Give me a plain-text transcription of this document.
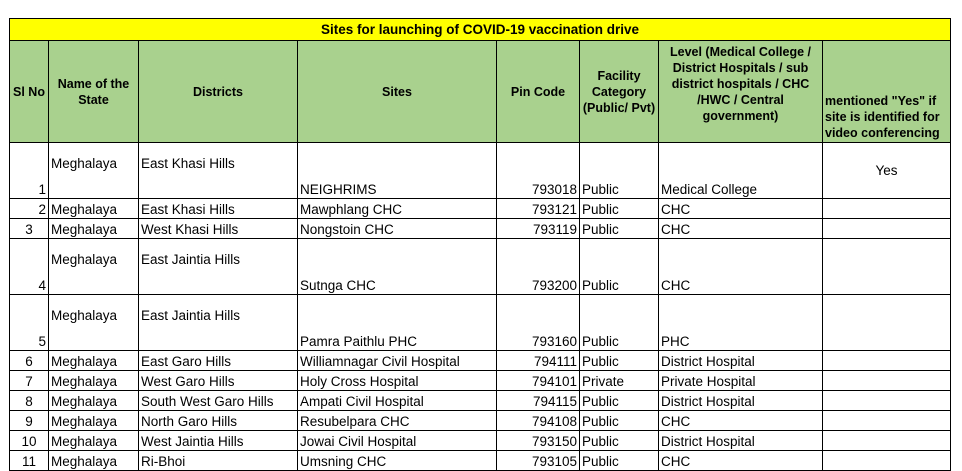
Sites for launching of COVID-19 vaccination drive							
Sl No	Name of the State	Districts	Sites	Pin Code	Facility Category (Public/ Pvt)	Level (Medical College / District Hospitals / sub district hospitals / CHC /HWC / Central government)	mentioned "Yes" if site is identified for video conferencing
1	Meghalaya	East Khasi Hills	NEIGHRIMS	793018	Public	Medical College	Yes
2	Meghalaya	East Khasi Hills	Mawphlang CHC	793121	Public	CHC	
3	Meghalaya	West Khasi Hills	Nongstoin CHC	793119	Public	CHC	
4	Meghalaya	East Jaintia Hills	Sutnga CHC	793200	Public	CHC	
5	Meghalaya	East Jaintia Hills	Pamra Paithlu PHC	793160	Public	PHC	
6	Meghalaya	East Garo Hills	Williamnagar Civil Hospital	794111	Public	District Hospital	
7	Meghalaya	West Garo Hills	Holy Cross Hospital	794101	Private	Private Hospital	
8	Meghalaya	South West Garo Hills	Ampati Civil Hospital	794115	Public	District Hospital	
9	Meghalaya	North Garo Hills	Resubelpara CHC	794108	Public	CHC	
10	Meghalaya	West Jaintia Hills	Jowai Civil Hospital	793150	Public	District Hospital	
11	Meghalaya	Ri-Bhoi	Umsning CHC	793105	Public	CHC	
